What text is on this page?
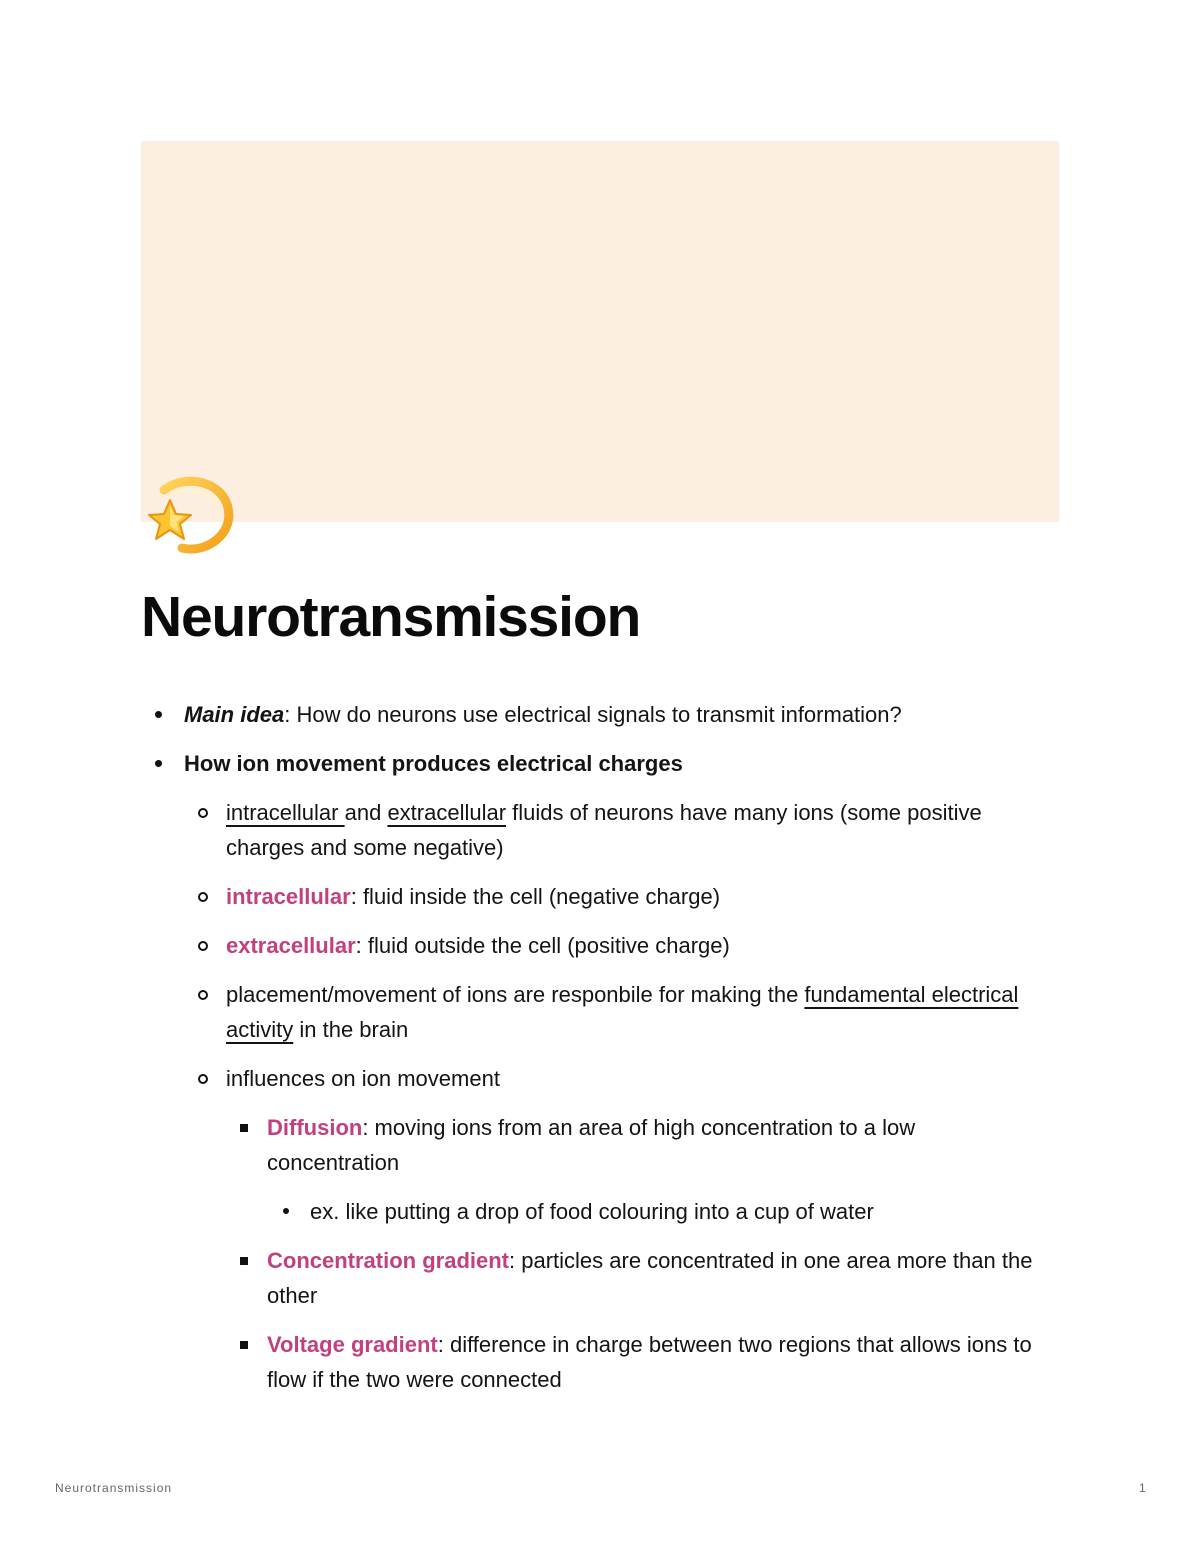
Neurotransmission
Main idea: How do neurons use electrical signals to transmit information?
How ion movement produces electrical charges
intracellular and extracellular fluids of neurons have many ions (some positive charges and some negative)
intracellular: fluid inside the cell (negative charge)
extracellular: fluid outside the cell (positive charge)
placement/movement of ions are responbile for making the fundamental electrical activity in the brain
influences on ion movement
Diffusion: moving ions from an area of high concentration to a low concentration
ex. like putting a drop of food colouring into a cup of water
Concentration gradient: particles are concentrated in one area more than the other
Voltage gradient: difference in charge between two regions that allows ions to flow if the two were connected
Neurotransmission	1
